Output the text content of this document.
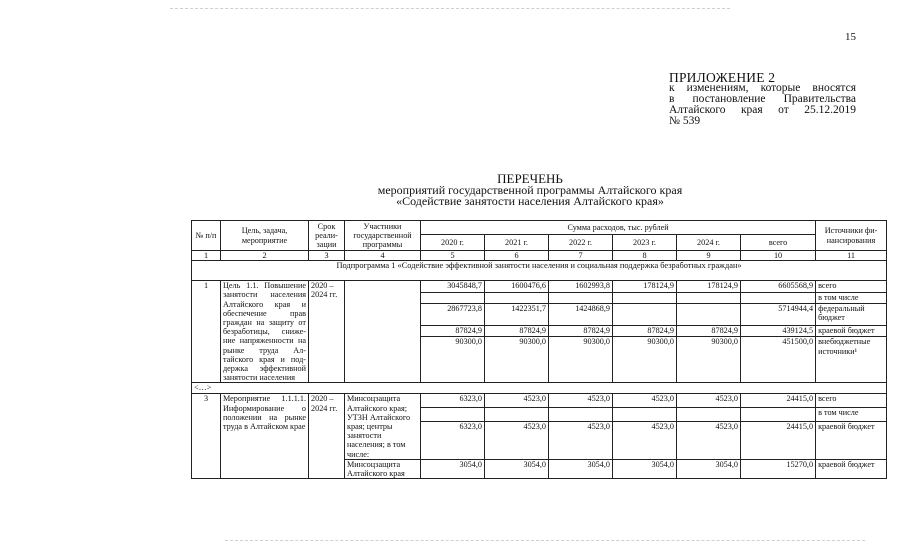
15
ПРИЛОЖЕНИЕ 2
к изменениям, которые вносятся
в постановление Правительства
Алтайского края от 25.12.2019
№ 539
ПЕРЕЧЕНЬ
мероприятий государственной программы Алтайского края
«Содействие занятости населения Алтайского края»
№ п/п	Цель, задача, мероприятие	Срок реали-зации	Участники государственной программы	Сумма расходов, тыс. рублей						Источники фи-нансирования
				2020 г.	2021 г.	2022 г.	2023 г.	2024 г.	всего	
1	2	3	4	5	6	7	8	9	10	11
Подпрограмма 1 «Содействие эффективной занятости населения и социальная поддержка безработных граждан»										
1	Цель 1.1. Повышение занятости населения Алтайского края и обеспечение прав граждан на защиту от безработицы, сниже-ние напряженности на рынке труда Ал-тайского края и под-держка эффективной занятости населения	2020 – 2024 гг.		3045848,7	1600476,6	1602993,8	178124,9	178124,9	6605568,9	всего
										в том числе
				2867723,8	1422351,7	1424868,9			5714944,4	федеральный бюджет
				87824,9	87824,9	87824,9	87824,9	87824,9	439124,5	краевой бюджет
				90300,0	90300,0	90300,0	90300,0	90300,0	451500,0	внебюджетные источники¹
<…>										
3	Мероприятие 1.1.1.1. Информирование о положении на рынке труда в Алтайском крае	2020 – 2024 гг.	Минсоцзащита Алтайского края; УТЗН Алтайского края; центры занятости населения; в том числе:	6323,0	4523,0	4523,0	4523,0	4523,0	24415,0	всего
										в том числе
				6323,0	4523,0	4523,0	4523,0	4523,0	24415,0	краевой бюджет
			Минсоцзащита Алтайского края	3054,0	3054,0	3054,0	3054,0	3054,0	15270,0	краевой бюджет
